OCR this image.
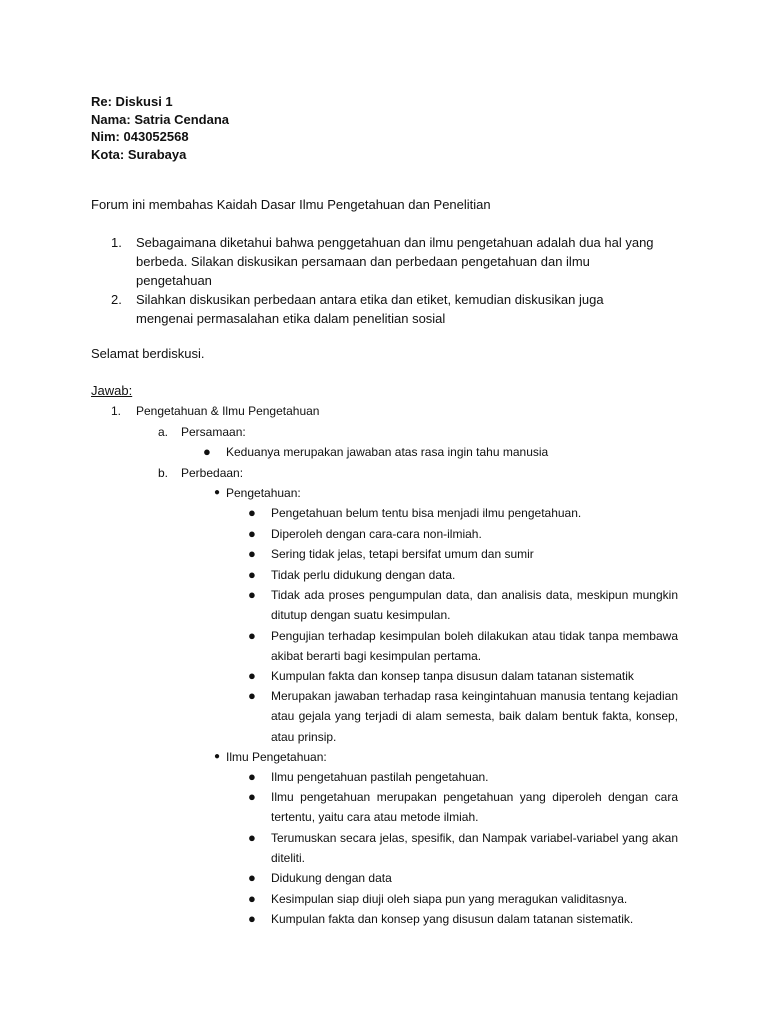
Re: Diskusi 1
Nama: Satria Cendana
Nim: 043052568
Kota: Surabaya
Forum ini membahas Kaidah Dasar Ilmu Pengetahuan dan Penelitian
1. Sebagaimana diketahui bahwa penggetahuan dan ilmu pengetahuan adalah dua hal yang berbeda. Silakan diskusikan persamaan dan perbedaan pengetahuan dan ilmu pengetahuan
2. Silahkan diskusikan perbedaan antara etika dan etiket, kemudian diskusikan juga mengenai permasalahan etika dalam penelitian sosial
Selamat berdiskusi.
Jawab:
1. Pengetahuan & Ilmu Pengetahuan
a. Persamaan:
● Keduanya merupakan jawaban atas rasa ingin tahu manusia
b. Perbedaan:
● Pengetahuan:
● Pengetahuan belum tentu bisa menjadi ilmu pengetahuan.
● Diperoleh dengan cara-cara non-ilmiah.
● Sering tidak jelas, tetapi bersifat umum dan sumir
● Tidak perlu didukung dengan data.
● Tidak ada proses pengumpulan data, dan analisis data, meskipun mungkin ditutup dengan suatu kesimpulan.
● Pengujian terhadap kesimpulan boleh dilakukan atau tidak tanpa membawa akibat berarti bagi kesimpulan pertama.
● Kumpulan fakta dan konsep tanpa disusun dalam tatanan sistematik
● Merupakan jawaban terhadap rasa keingintahuan manusia tentang kejadian atau gejala yang terjadi di alam semesta, baik dalam bentuk fakta, konsep, atau prinsip.
● Ilmu Pengetahuan:
● Ilmu pengetahuan pastilah pengetahuan.
● Ilmu pengetahuan merupakan pengetahuan yang diperoleh dengan cara tertentu, yaitu cara atau metode ilmiah.
● Terumuskan secara jelas, spesifik, dan Nampak variabel-variabel yang akan diteliti.
● Didukung dengan data
● Kesimpulan siap diuji oleh siapa pun yang meragukan validitasnya.
● Kumpulan fakta dan konsep yang disusun dalam tatanan sistematik.
